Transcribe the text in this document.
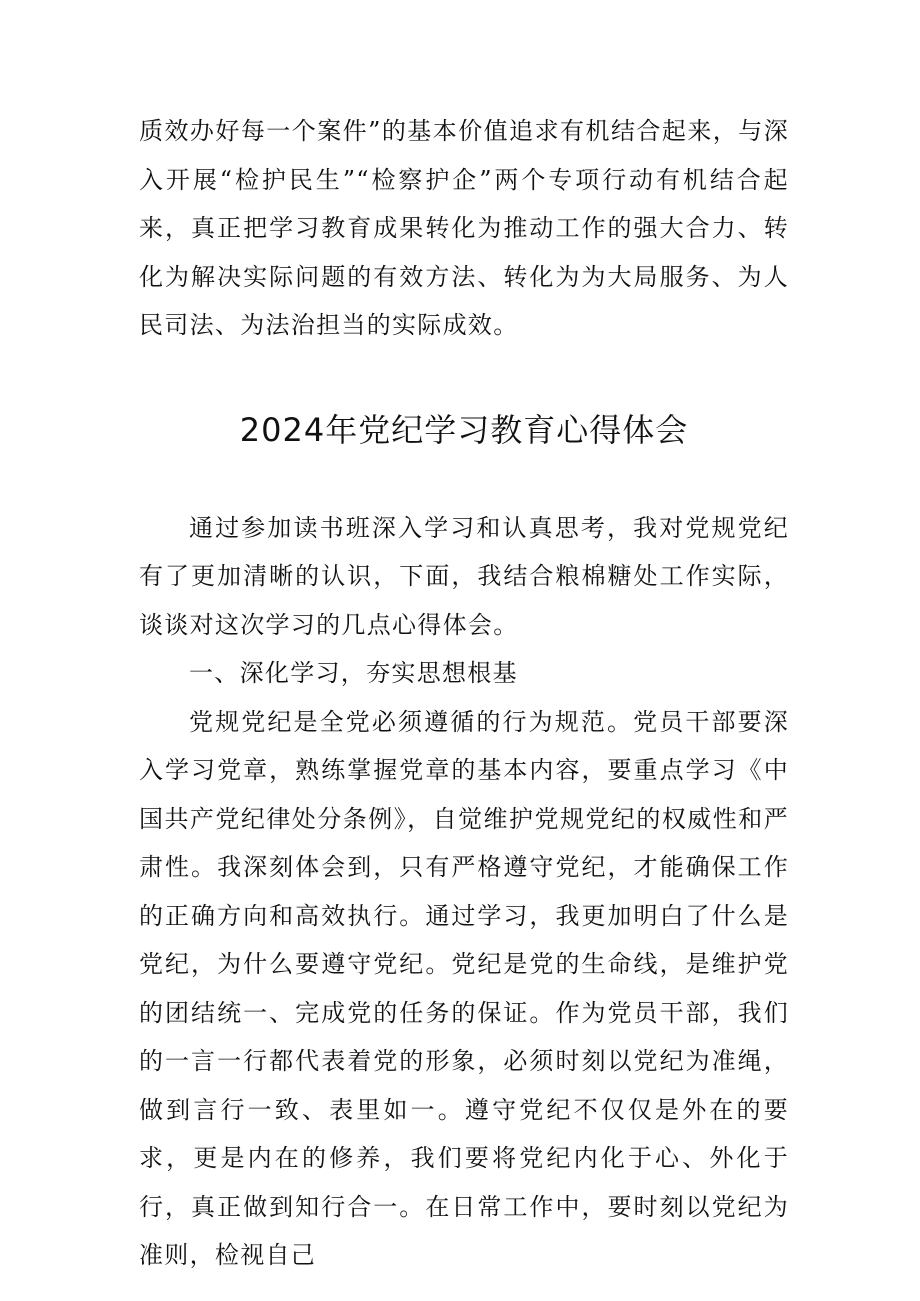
质效办好每一个案件”的基本价值追求有机结合起来，与深入开展“检护民生”“检察护企”两个专项行动有机结合起来，真正把学习教育成果转化为推动工作的强大合力、转化为解决实际问题的有效方法、转化为为大局服务、为人民司法、为法治担当的实际成效。

2024年党纪学习教育心得体会

通过参加读书班深入学习和认真思考，我对党规党纪有了更加清晰的认识，下面，我结合粮棉糖处工作实际，谈谈对这次学习的几点心得体会。

一、深化学习，夯实思想根基

党规党纪是全党必须遵循的行为规范。党员干部要深入学习党章，熟练掌握党章的基本内容，要重点学习《中国共产党纪律处分条例》，自觉维护党规党纪的权威性和严肃性。我深刻体会到，只有严格遵守党纪，才能确保工作的正确方向和高效执行。通过学习，我更加明白了什么是党纪，为什么要遵守党纪。党纪是党的生命线，是维护党的团结统一、完成党的任务的保证。作为党员干部，我们的一言一行都代表着党的形象，必须时刻以党纪为准绳，做到言行一致、表里如一。遵守党纪不仅仅是外在的要求，更是内在的修养，我们要将党纪内化于心、外化于行，真正做到知行合一。在日常工作中，要时刻以党纪为准则，检视自己
